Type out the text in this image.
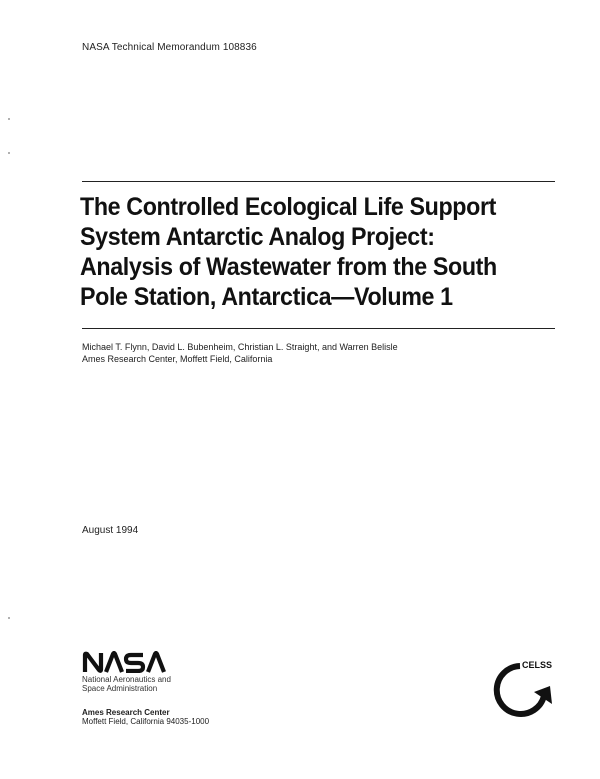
NASA Technical Memorandum 108836
The Controlled Ecological Life Support
System Antarctic Analog Project:
Analysis of Wastewater from the South
Pole Station, Antarctica—Volume 1
Michael T. Flynn, David L. Bubenheim, Christian L. Straight, and Warren Belisle
Ames Research Center, Moffett Field, California
August 1994
National Aeronautics and
Space Administration
Ames Research Center
Moffett Field, California 94035-1000
CELSS
